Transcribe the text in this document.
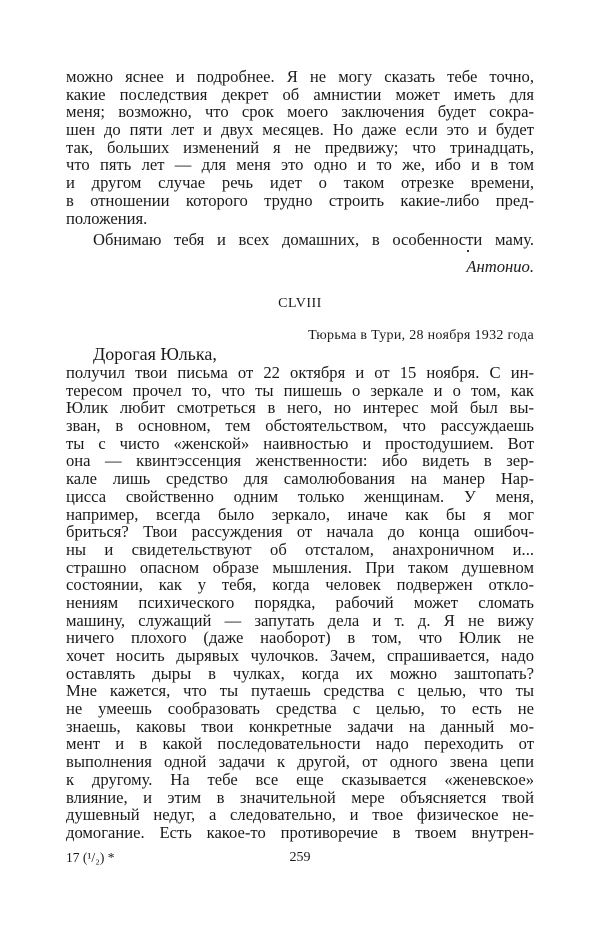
можно яснее и подробнее. Я не могу сказать тебе точно,
какие последствия декрет об амнистии может иметь для
меня; возможно, что срок моего заключения будет сокра-
шен до пяти лет и двух месяцев. Но даже если это и будет
так, больших изменений я не предвижу; что тринадцать,
что пять лет — для меня это одно и то же, ибо и в том
и другом случае речь идет о таком отрезке времени,
в отношении которого трудно строить какие-либо пред-
положения.
Обнимаю тебя и всех домашних, в особенности маму.
Антонио.
CLVIII
Тюрьма в Тури, 28 ноября 1932 года
Дорогая Юлька,
получил твои письма от 22 октября и от 15 ноября. С ин-
тересом прочел то, что ты пишешь о зеркале и о том, как
Юлик любит смотреться в него, но интерес мой был вы-
зван, в основном, тем обстоятельством, что рассуждаешь
ты с чисто «женской» наивностью и простодушием. Вот
она — квинтэссенция женственности: ибо видеть в зер-
кале лишь средство для самолюбования на манер Нар-
цисса свойственно одним только женщинам. У меня,
например, всегда было зеркало, иначе как бы я мог
бриться? Твои рассуждения от начала до конца ошибоч-
ны и свидетельствуют об отсталом, анахроничном и...
страшно опасном образе мышления. При таком душевном
состоянии, как у тебя, когда человек подвержен откло-
нениям психического порядка, рабочий может сломать
машину, служащий — запутать дела и т. д. Я не вижу
ничего плохого (даже наоборот) в том, что Юлик не
хочет носить дырявых чулочков. Зачем, спрашивается, надо
оставлять дыры в чулках, когда их можно заштопать?
Мне кажется, что ты путаешь средства с целью, что ты
не умеешь сообразовать средства с целью, то есть не
знаешь, каковы твои конкретные задачи на данный мо-
мент и в какой последовательности надо переходить от
выполнения одной задачи к другой, от одного звена цепи
к другому. На тебе все еще сказывается «женевское»
влияние, и этим в значительной мере объясняется твой
душевный недуг, а следовательно, и твое физическое не-
домогание. Есть какое-то противоречие в твоем внутрен-
17 (¹/₂) *	259
